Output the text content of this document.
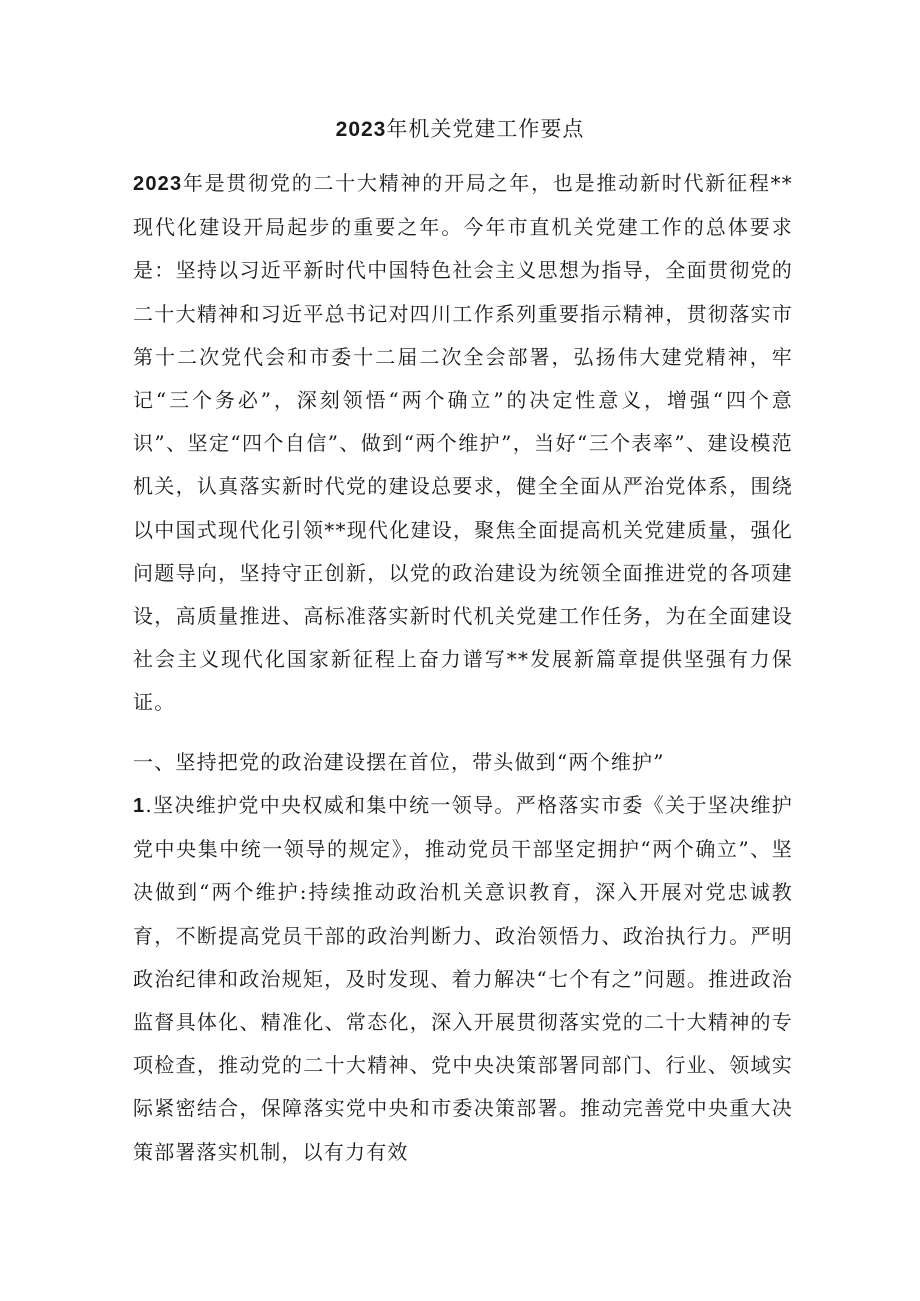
2023年机关党建工作要点
2023年是贯彻党的二十大精神的开局之年，也是推动新时代新征程**现代化建设开局起步的重要之年。今年市直机关党建工作的总体要求是：坚持以习近平新时代中国特色社会主义思想为指导，全面贯彻党的二十大精神和习近平总书记对四川工作系列重要指示精神，贯彻落实市第十二次党代会和市委十二届二次全会部署，弘扬伟大建党精神，牢记“三个务必”，深刻领悟“两个确立”的决定性意义，增强“四个意识”、坚定“四个自信”、做到“两个维护”，当好“三个表率”、建设模范机关，认真落实新时代党的建设总要求，健全全面从严治党体系，围绕以中国式现代化引领**现代化建设，聚焦全面提高机关党建质量，强化问题导向，坚持守正创新，以党的政治建设为统领全面推进党的各项建设，高质量推进、高标准落实新时代机关党建工作任务，为在全面建设社会主义现代化国家新征程上奋力谱写**发展新篇章提供坚强有力保证。
一、坚持把党的政治建设摆在首位，带头做到“两个维护”
1.坚决维护党中央权威和集中统一领导。严格落实市委《关于坚决维护党中央集中统一领导的规定》，推动党员干部坚定拥护“两个确立”、坚决做到“两个维护:持续推动政治机关意识教育，深入开展对党忠诚教育，不断提高党员干部的政治判断力、政治领悟力、政治执行力。严明政治纪律和政治规矩，及时发现、着力解决“七个有之”问题。推进政治监督具体化、精准化、常态化，深入开展贯彻落实党的二十大精神的专项检查，推动党的二十大精神、党中央决策部署同部门、行业、领域实际紧密结合，保障落实党中央和市委决策部署。推动完善党中央重大决策部署落实机制，以有力有效
